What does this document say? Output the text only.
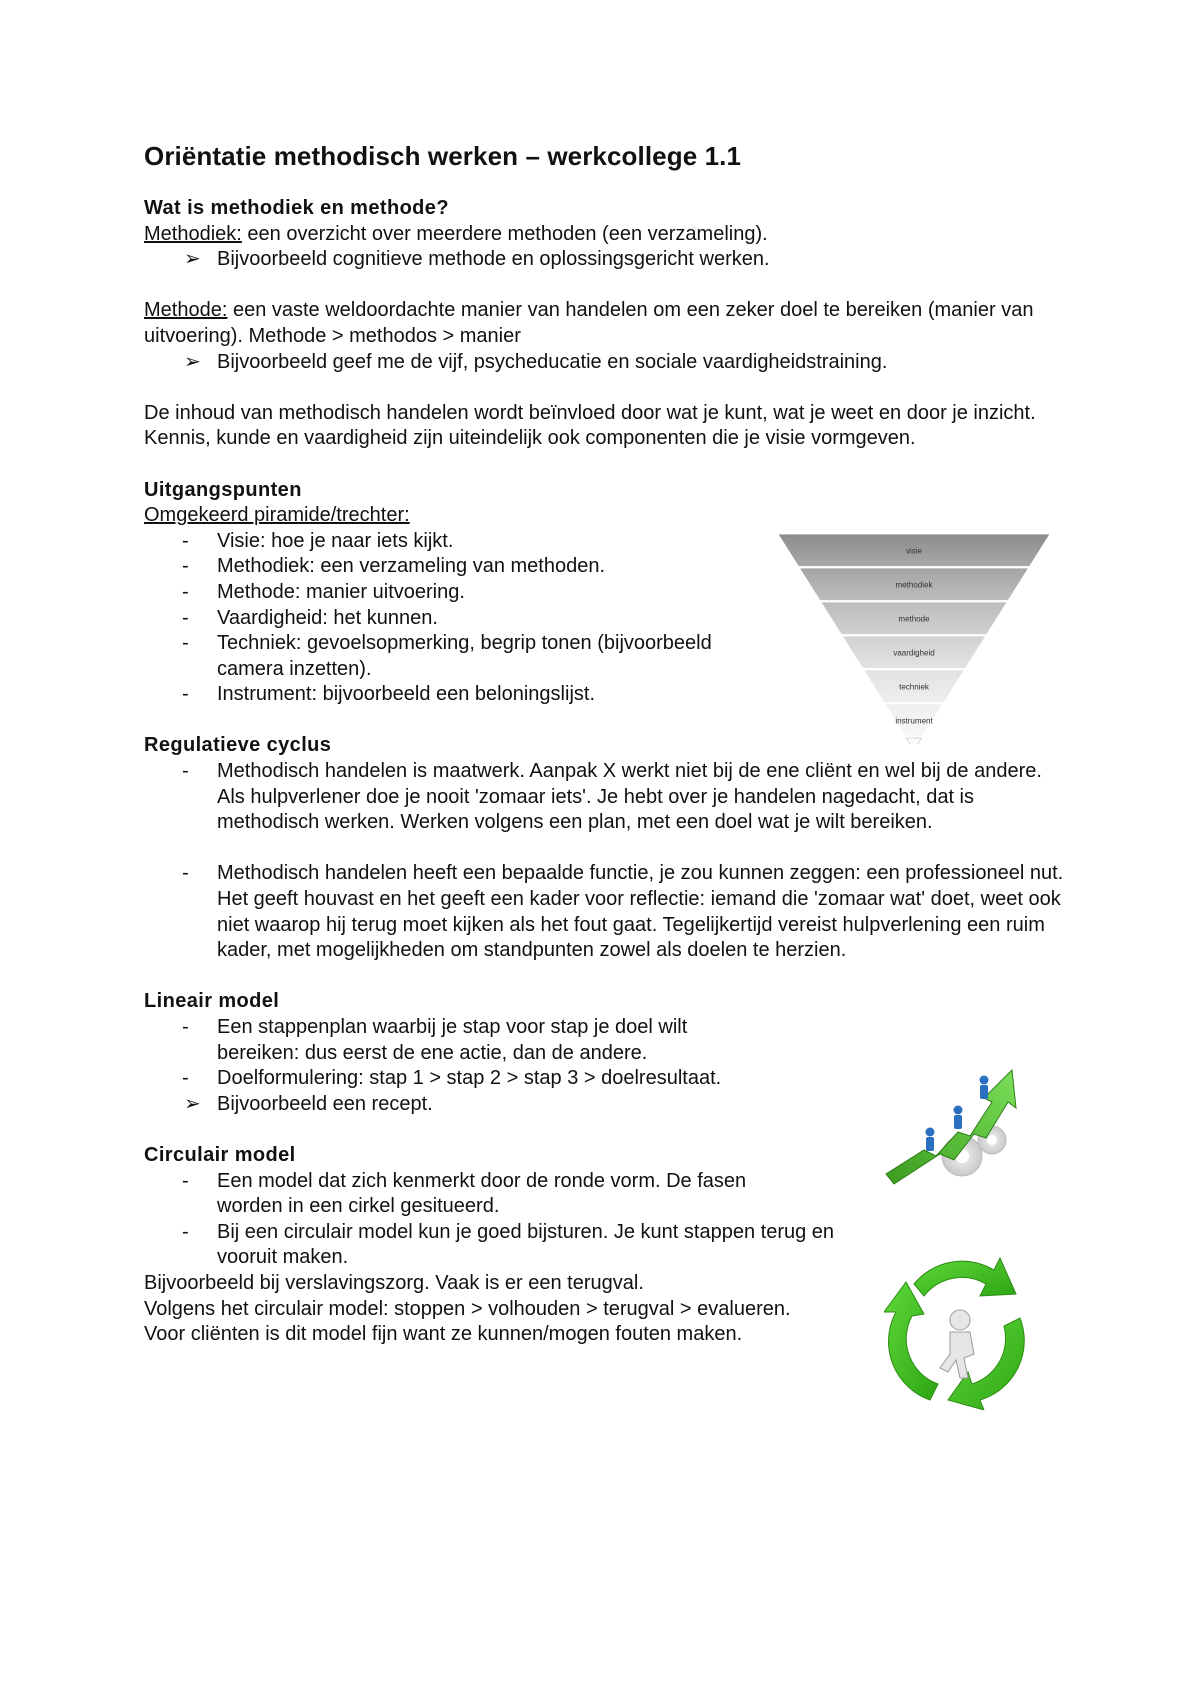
Oriëntatie methodisch werken – werkcollege 1.1
Wat is methodiek en methode?

Methodiek: een overzicht over meerdere methoden (een verzameling).

➢ Bijvoorbeeld cognitieve methode en oplossingsgericht werken.

Methode: een vaste weldoordachte manier van handelen om een zeker doel te bereiken (manier van uitvoering). Methode > methodos > manier

➢ Bijvoorbeeld geef me de vijf, psycheducatie en sociale vaardigheidstraining.

De inhoud van methodisch handelen wordt beïnvloed door wat je kunt, wat je weet en door je inzicht. Kennis, kunde en vaardigheid zijn uiteindelijk ook componenten die je visie vormgeven.

Uitgangspunten

Omgekeerd piramide/trechter:

-	Visie: hoe je naar iets kijkt.
-	Methodiek: een verzameling van methoden.
-	Methode: manier uitvoering.
-	Vaardigheid: het kunnen.
-	Techniek: gevoelsopmerking, begrip tonen (bijvoorbeeld camera inzetten).
-	Instrument: bijvoorbeeld een beloningslijst.
Regulatieve cyclus
-	Methodisch handelen is maatwerk. Aanpak X werkt niet bij de ene cliënt en wel bij de andere. Als hulpverlener doe je nooit 'zomaar iets'. Je hebt over je handelen nagedacht, dat is methodisch werken. Werken volgens een plan, met een doel wat je wilt bereiken.
-	Methodisch handelen heeft een bepaalde functie, je zou kunnen zeggen: een professioneel nut. Het geeft houvast en het geeft een kader voor reflectie: iemand die 'zomaar wat' doet, weet ook niet waarop hij terug moet kijken als het fout gaat. Tegelijkertijd vereist hulpverlening een ruim kader, met mogelijkheden om standpunten zowel als doelen te herzien.
Lineair model
-	Een stappenplan waarbij je stap voor stap je doel wilt bereiken: dus eerst de ene actie, dan de andere.
-	Doelformulering: stap 1 > stap 2 > stap 3 > doelresultaat.
➢ Bijvoorbeeld een recept.
Circulair model
-	Een model dat zich kenmerkt door de ronde vorm. De fasen worden in een cirkel gesitueerd.
-	Bij een circulair model kun je goed bijsturen. Je kunt stappen terug en vooruit maken.

Bijvoorbeeld bij verslavingszorg. Vaak is er een terugval.

Volgens het circulair model: stoppen > volhouden > terugval > evalueren.

Voor cliënten is dit model fijn want ze kunnen/mogen fouten maken.

visie
methodiek
methode
vaardigheid
techniek
instrument
